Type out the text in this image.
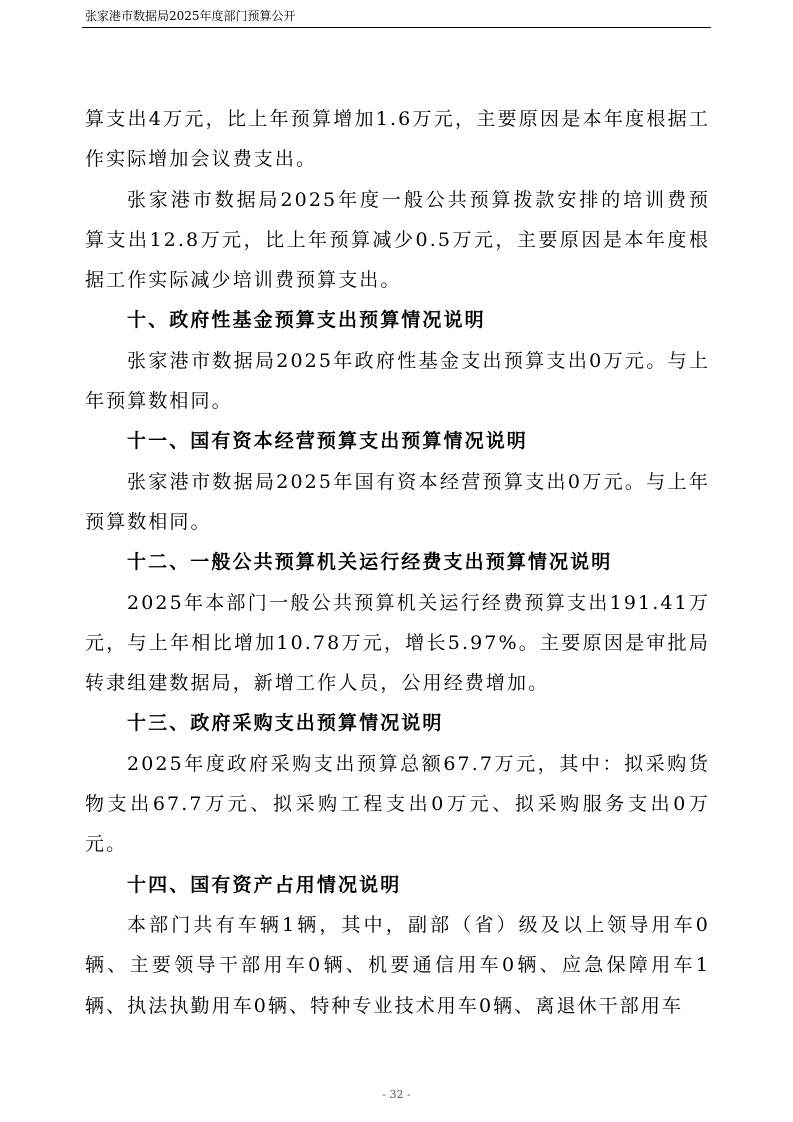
张家港市数据局2025年度部门预算公开

算支出4万元，比上年预算增加1.6万元，主要原因是本年度根据工作实际增加会议费支出。

张家港市数据局2025年度一般公共预算拨款安排的培训费预算支出12.8万元，比上年预算减少0.5万元，主要原因是本年度根据工作实际减少培训费预算支出。

十、政府性基金预算支出预算情况说明

张家港市数据局2025年政府性基金支出预算支出0万元。与上年预算数相同。

十一、国有资本经营预算支出预算情况说明

张家港市数据局2025年国有资本经营预算支出0万元。与上年预算数相同。

十二、一般公共预算机关运行经费支出预算情况说明

2025年本部门一般公共预算机关运行经费预算支出191.41万元，与上年相比增加10.78万元，增长5.97%。主要原因是审批局转隶组建数据局，新增工作人员，公用经费增加。

十三、政府采购支出预算情况说明

2025年度政府采购支出预算总额67.7万元，其中：拟采购货物支出67.7万元、拟采购工程支出0万元、拟采购服务支出0万元。

十四、国有资产占用情况说明

本部门共有车辆1辆，其中，副部（省）级及以上领导用车0辆、主要领导干部用车0辆、机要通信用车0辆、应急保障用车1辆、执法执勤用车0辆、特种专业技术用车0辆、离退休干部用车

- 32 -
